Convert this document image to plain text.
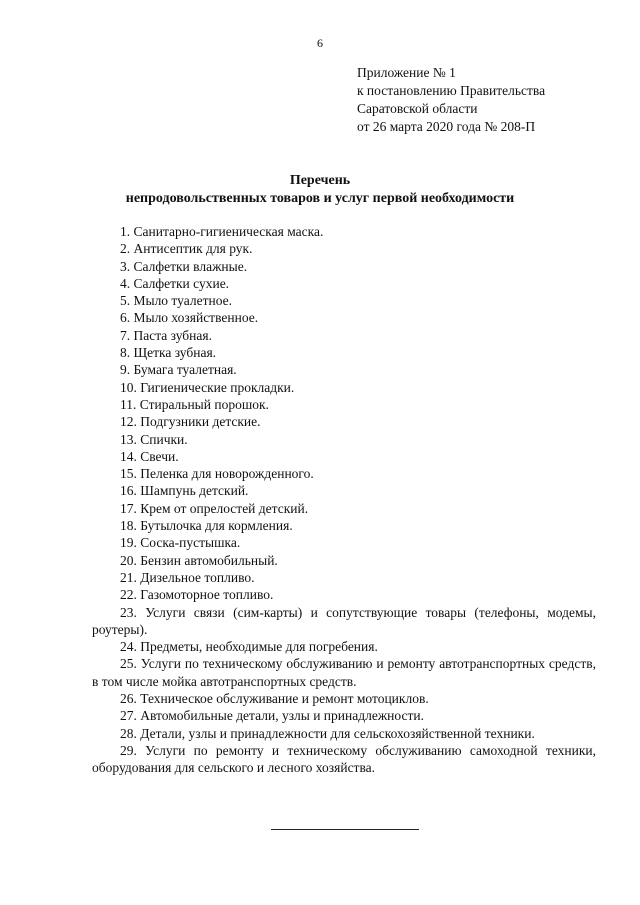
6
Приложение № 1
к постановлению Правительства
Саратовской области
от 26 марта 2020 года № 208-П
Перечень
непродовольственных товаров и услуг первой необходимости
1. Санитарно-гигиеническая маска.
2. Антисептик для рук.
3. Салфетки влажные.
4. Салфетки сухие.
5. Мыло туалетное.
6. Мыло хозяйственное.
7. Паста зубная.
8. Щетка зубная.
9. Бумага туалетная.
10. Гигиенические прокладки.
11. Стиральный порошок.
12. Подгузники детские.
13. Спички.
14. Свечи.
15. Пеленка для новорожденного.
16. Шампунь детский.
17. Крем от опрелостей детский.
18. Бутылочка для кормления.
19. Соска-пустышка.
20. Бензин автомобильный.
21. Дизельное топливо.
22. Газомоторное топливо.
23. Услуги связи (сим-карты) и сопутствующие товары (телефоны, модемы, роутеры).
24. Предметы, необходимые для погребения.
25. Услуги по техническому обслуживанию и ремонту автотранспортных средств, в том числе мойка автотранспортных средств.
26. Техническое обслуживание и ремонт мотоциклов.
27. Автомобильные детали, узлы и принадлежности.
28. Детали, узлы и принадлежности для сельскохозяйственной техники.
29. Услуги по ремонту и техническому обслуживанию самоходной техники, оборудования для сельского и лесного хозяйства.
